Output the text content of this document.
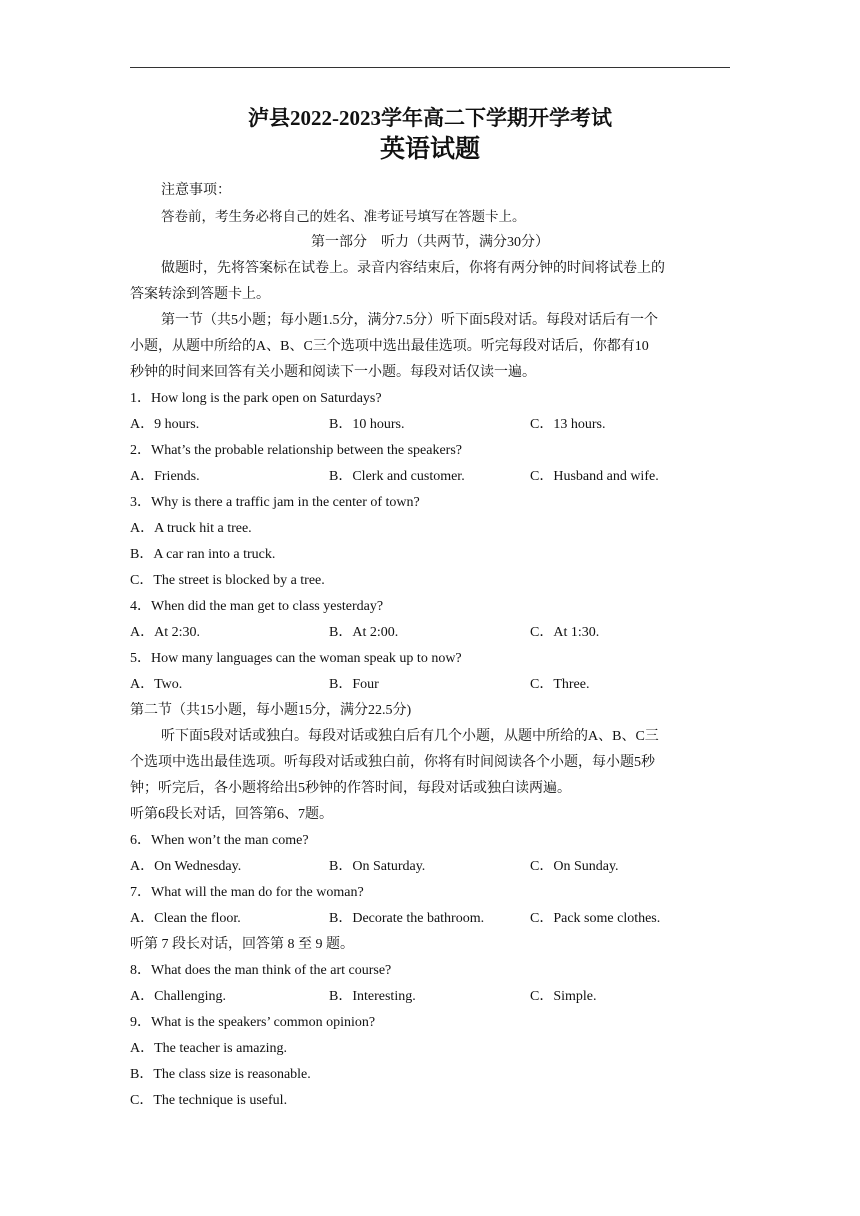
泸县2022-2023学年高二下学期开学考试
英语试题
注意事项：
答卷前，考生务必将自己的姓名、准考证号填写在答题卡上。
第一部分　听力（共两节，满分30分）
做题时，先将答案标在试卷上。录音内容结束后，你将有两分钟的时间将试卷上的
答案转涂到答题卡上。
第一节（共5小题；每小题1.5分，满分7.5分）听下面5段对话。每段对话后有一个
小题，从题中所给的A、B、C三个选项中选出最佳选项。听完每段对话后，你都有10
秒钟的时间来回答有关小题和阅读下一小题。每段对话仅读一遍。
1．How long is the park open on Saturdays?
A．9 hours.	B．10 hours.	C．13 hours.
2．What’s the probable relationship between the speakers?
A．Friends.	B．Clerk and customer.	C．Husband and wife.
3．Why is there a traffic jam in the center of town?
A．A truck hit a tree.
B．A car ran into a truck.
C．The street is blocked by a tree.
4．When did the man get to class yesterday?
A．At 2:30.	B．At 2:00.	C．At 1:30.
5．How many languages can the woman speak up to now?
A．Two.	B．Four	C．Three.
第二节（共15小题，每小题15分，满分22.5分)
听下面5段对话或独白。每段对话或独白后有几个小题，从题中所给的A、B、C三
个选项中选出最佳选项。听每段对话或独白前，你将有时间阅读各个小题，每小题5秒
钟；听完后，各小题将给出5秒钟的作答时间，每段对话或独白读两遍。
听第6段长对话，回答第6、7题。
6．When won’t the man come?
A．On Wednesday.	B．On Saturday.	C．On Sunday.
7．What will the man do for the woman?
A．Clean the floor.	B．Decorate the bathroom.	C．Pack some clothes.
听第 7 段长对话，回答第 8 至 9 题。
8．What does the man think of the art course?
A．Challenging.	B．Interesting.	C．Simple.
9．What is the speakers’ common opinion?
A．The teacher is amazing.
B．The class size is reasonable.
C．The technique is useful.
